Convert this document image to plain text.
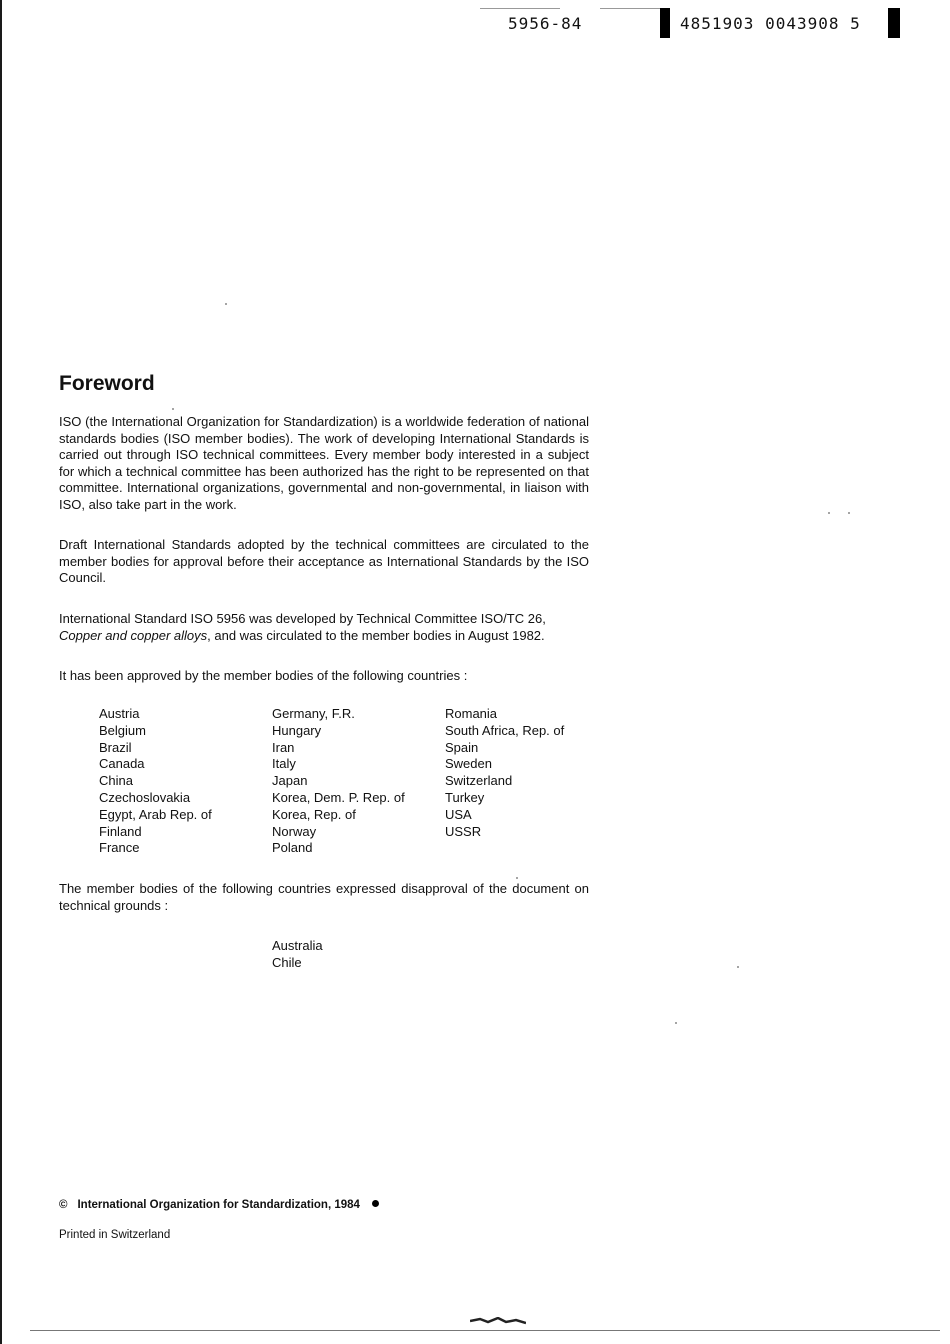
5956-84	4851903 0043908 5
Foreword

ISO (the International Organization for Standardization) is a worldwide federation of national standards bodies (ISO member bodies). The work of developing International Standards is carried out through ISO technical committees. Every member body interested in a subject for which a technical committee has been authorized has the right to be represented on that committee. International organizations, governmental and non-governmental, in liaison with ISO, also take part in the work.

Draft International Standards adopted by the technical committees are circulated to the member bodies for approval before their acceptance as International Standards by the ISO Council.

International Standard ISO 5956 was developed by Technical Committee ISO/TC 26,
Copper and copper alloys, and was circulated to the member bodies in August 1982.

It has been approved by the member bodies of the following countries :

Austria
Belgium
Brazil
Canada
China
Czechoslovakia
Egypt, Arab Rep. of
Finland
France
Germany, F.R.
Hungary
Iran
Italy
Japan
Korea, Dem. P. Rep. of
Korea, Rep. of
Norway
Poland
Romania
South Africa, Rep. of
Spain
Sweden
Switzerland
Turkey
USA
USSR

The member bodies of the following countries expressed disapproval of the document on technical grounds :

Australia
Chile
© International Organization for Standardization, 1984
Printed in Switzerland
